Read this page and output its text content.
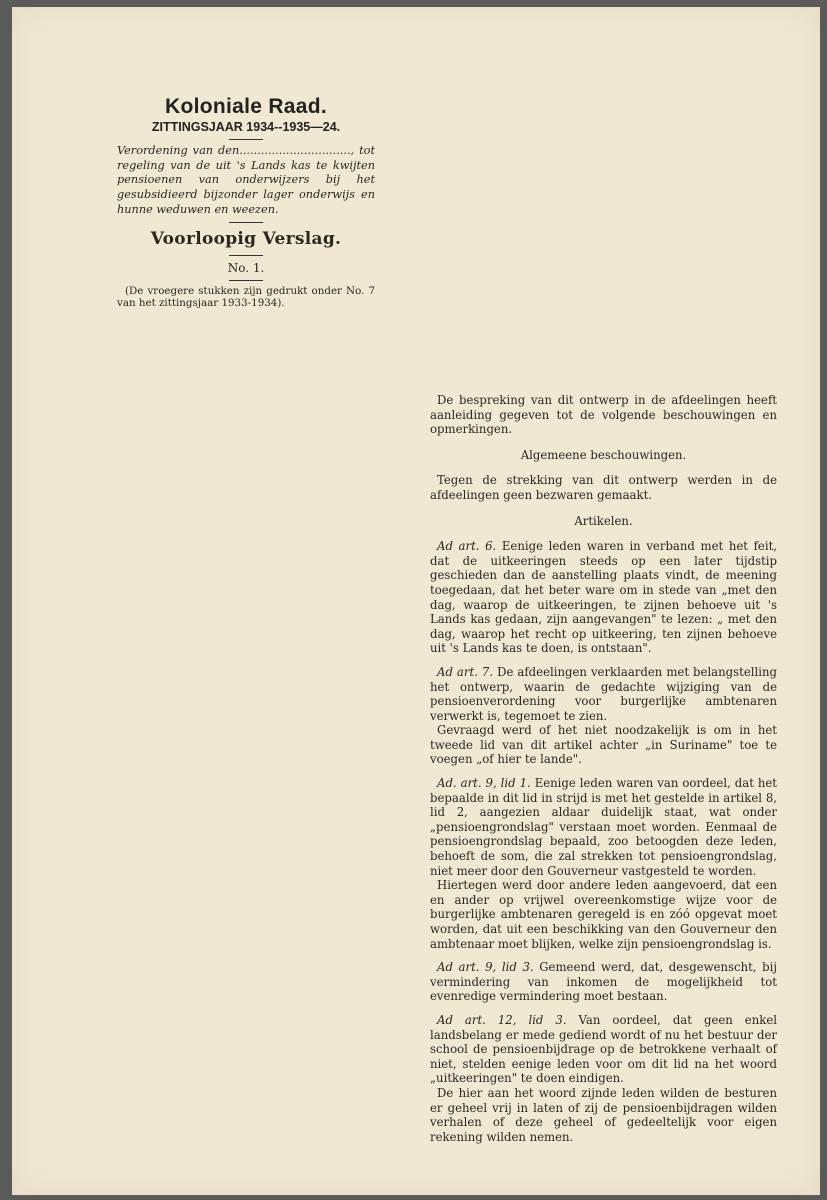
Koloniale Raad.
ZITTINGSJAAR 1934--1935—24.

Verordening van den..............................., tot regeling van de uit 's Lands kas te kwijten pensioenen van onderwijzers bij het gesubsidieerd bijzonder lager onderwijs en hunne weduwen en weezen.

Voorloopig Verslag.
No. 1.

(De vroegere stukken zijn gedrukt onder No. 7 van het zittingsjaar 1933-1934).

De bespreking van dit ontwerp in de afdeelingen heeft aanleiding gegeven tot de volgende beschouwingen en opmerkingen.

Algemeene beschouwingen.

Tegen de strekking van dit ontwerp werden in de afdeelingen geen bezwaren gemaakt.

Artikelen.

Ad art. 6. Eenige leden waren in verband met het feit, dat de uitkeeringen steeds op een later tijdstip geschieden dan de aanstelling plaats vindt, de meening toegedaan, dat het beter ware om in stede van „met den dag, waarop de uitkeeringen, te zijnen behoeve uit 's Lands kas gedaan, zijn aangevangen" te lezen: „ met den dag, waarop het recht op uitkeering, ten zijnen behoeve uit 's Lands kas te doen, is ontstaan".

Ad art. 7. De afdeelingen verklaarden met belangstelling het ontwerp, waarin de gedachte wijziging van de pensioenverordening voor burgerlijke ambtenaren verwerkt is, tegemoet te zien.

Gevraagd werd of het niet noodzakelijk is om in het tweede lid van dit artikel achter „in Suriname" toe te voegen „of hier te lande".

Ad. art. 9, lid 1. Eenige leden waren van oordeel, dat het bepaalde in dit lid in strijd is met het gestelde in artikel 8, lid 2, aangezien aldaar duidelijk staat, wat onder „pensioengrondslag" verstaan moet worden. Eenmaal de pensioengrondslag bepaald, zoo betoogden deze leden, behoeft de som, die zal strekken tot pensioengrondslag, niet meer door den Gouverneur vastgesteld te worden.

Hiertegen werd door andere leden aangevoerd, dat een en ander op vrijwel overeenkomstige wijze voor de burgerlijke ambtenaren geregeld is en zóó opgevat moet worden, dat uit een beschikking van den Gouverneur den ambtenaar moet blijken, welke zijn pensioengrondslag is.

Ad art. 9, lid 3. Gemeend werd, dat, desgewenscht, bij vermindering van inkomen de mogelijkheid tot evenredige vermindering moet bestaan.

Ad art. 12, lid 3. Van oordeel, dat geen enkel landsbelang er mede gediend wordt of nu het bestuur der school de pensioenbijdrage op de betrokkene verhaalt of niet, stelden eenige leden voor om dit lid na het woord „uitkeeringen" te doen eindigen.

De hier aan het woord zijnde leden wilden de besturen er geheel vrij in laten of zij de pensioenbijdragen wilden verhalen of deze geheel of gedeeltelijk voor eigen rekening wilden nemen.
